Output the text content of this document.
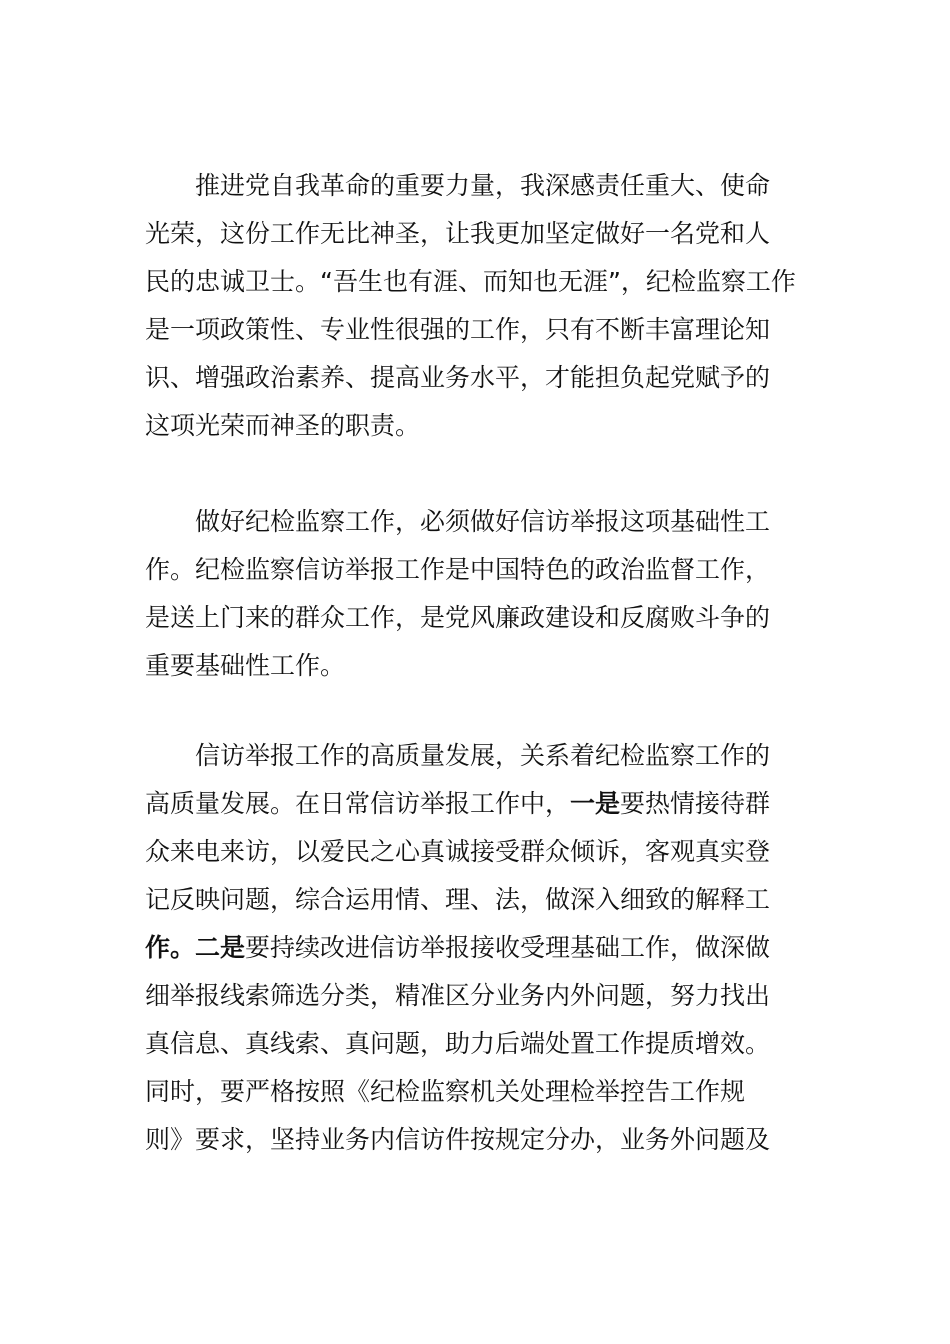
推进党自我革命的重要力量，我深感责任重大、使命
光荣，这份工作无比神圣，让我更加坚定做好一名党和人
民的忠诚卫士。“吾生也有涯、而知也无涯”，纪检监察工作
是一项政策性、专业性很强的工作，只有不断丰富理论知
识、增强政治素养、提高业务水平，才能担负起党赋予的
这项光荣而神圣的职责。
做好纪检监察工作，必须做好信访举报这项基础性工
作。纪检监察信访举报工作是中国特色的政治监督工作，
是送上门来的群众工作，是党风廉政建设和反腐败斗争的
重要基础性工作。
信访举报工作的高质量发展，关系着纪检监察工作的
高质量发展。在日常信访举报工作中，一是要热情接待群
众来电来访，以爱民之心真诚接受群众倾诉，客观真实登
记反映问题，综合运用情、理、法，做深入细致的解释工
作。二是要持续改进信访举报接收受理基础工作，做深做
细举报线索筛选分类，精准区分业务内外问题，努力找出
真信息、真线索、真问题，助力后端处置工作提质增效。
同时，要严格按照《纪检监察机关处理检举控告工作规
则》要求，坚持业务内信访件按规定分办，业务外问题及
